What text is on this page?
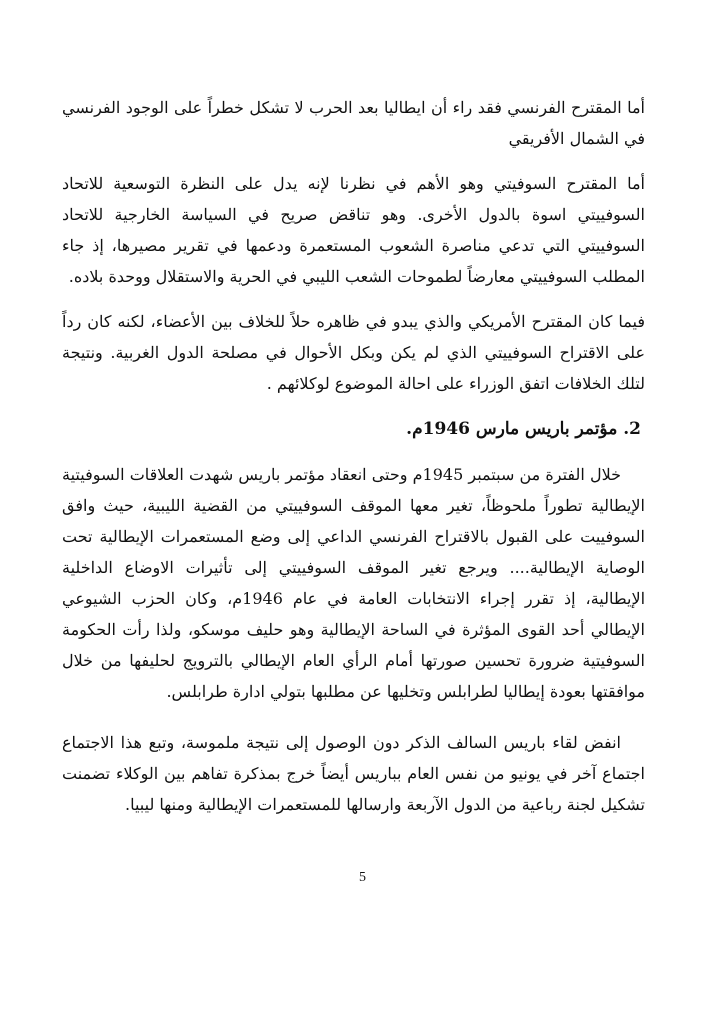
أما المقترح الفرنسي فقد راء أن ايطاليا بعد الحرب لا تشكل خطراً على الوجود الفرنسي في الشمال الأفريقي

أما المقترح السوفيتي وهو الأهم في نظرنا لإنه يدل على النظرة التوسعية للاتحاد السوفييتي اسوة بالدول الأخرى. وهو تناقض صريح في السياسة الخارجية للاتحاد السوفييتي التي تدعي مناصرة الشعوب المستعمرة ودعمها في تقرير مصيرها، إذ جاء المطلب السوفييتي معارضاً لطموحات الشعب الليبي في الحرية والاستقلال ووحدة بلاده.

فيما كان المقترح الأمريكي والذي يبدو في ظاهره حلاً للخلاف بين الأعضاء، لكنه كان رداً على الاقتراح السوفييتي الذي لم يكن وبكل الأحوال في مصلحة الدول الغربية. ونتيجة لتلك الخلافات اتفق الوزراء على احالة الموضوع لوكلائهم .

2. مؤتمر باريس مارس 1946م.

خلال الفترة من سبتمبر 1945م وحتى انعقاد مؤتمر باريس شهدت العلاقات السوفيتية الإيطالية تطوراً ملحوظاً، تغير معها الموقف السوفييتي من القضية الليبية، حيث وافق السوفييت على القبول بالاقتراح الفرنسي الداعي إلى وضع المستعمرات الإيطالية تحت الوصاية الإيطالية.... ويرجع تغير الموقف السوفييتي إلى تأثيرات الاوضاع الداخلية الإيطالية، إذ تقرر إجراء الانتخابات العامة في عام 1946م، وكان الحزب الشيوعي الإيطالي أحد القوى المؤثرة في الساحة الإيطالية وهو حليف موسكو، ولذا رأت الحكومة السوفيتية ضرورة تحسين صورتها أمام الرأي العام الإيطالي بالترويج لحليفها من خلال موافقتها بعودة إيطاليا لطرابلس وتخليها عن مطلبها بتولي ادارة طرابلس.

انفض لقاء باريس السالف الذكر دون الوصول إلى نتيجة ملموسة، وتبع هذا الاجتماع اجتماع آخر في يونيو من نفس العام بباريس أيضاً خرج بمذكرة تفاهم بين الوكلاء تضمنت تشكيل لجنة رباعية من الدول الآربعة وارسالها للمستعمرات الإيطالية ومنها ليبيا.

5
